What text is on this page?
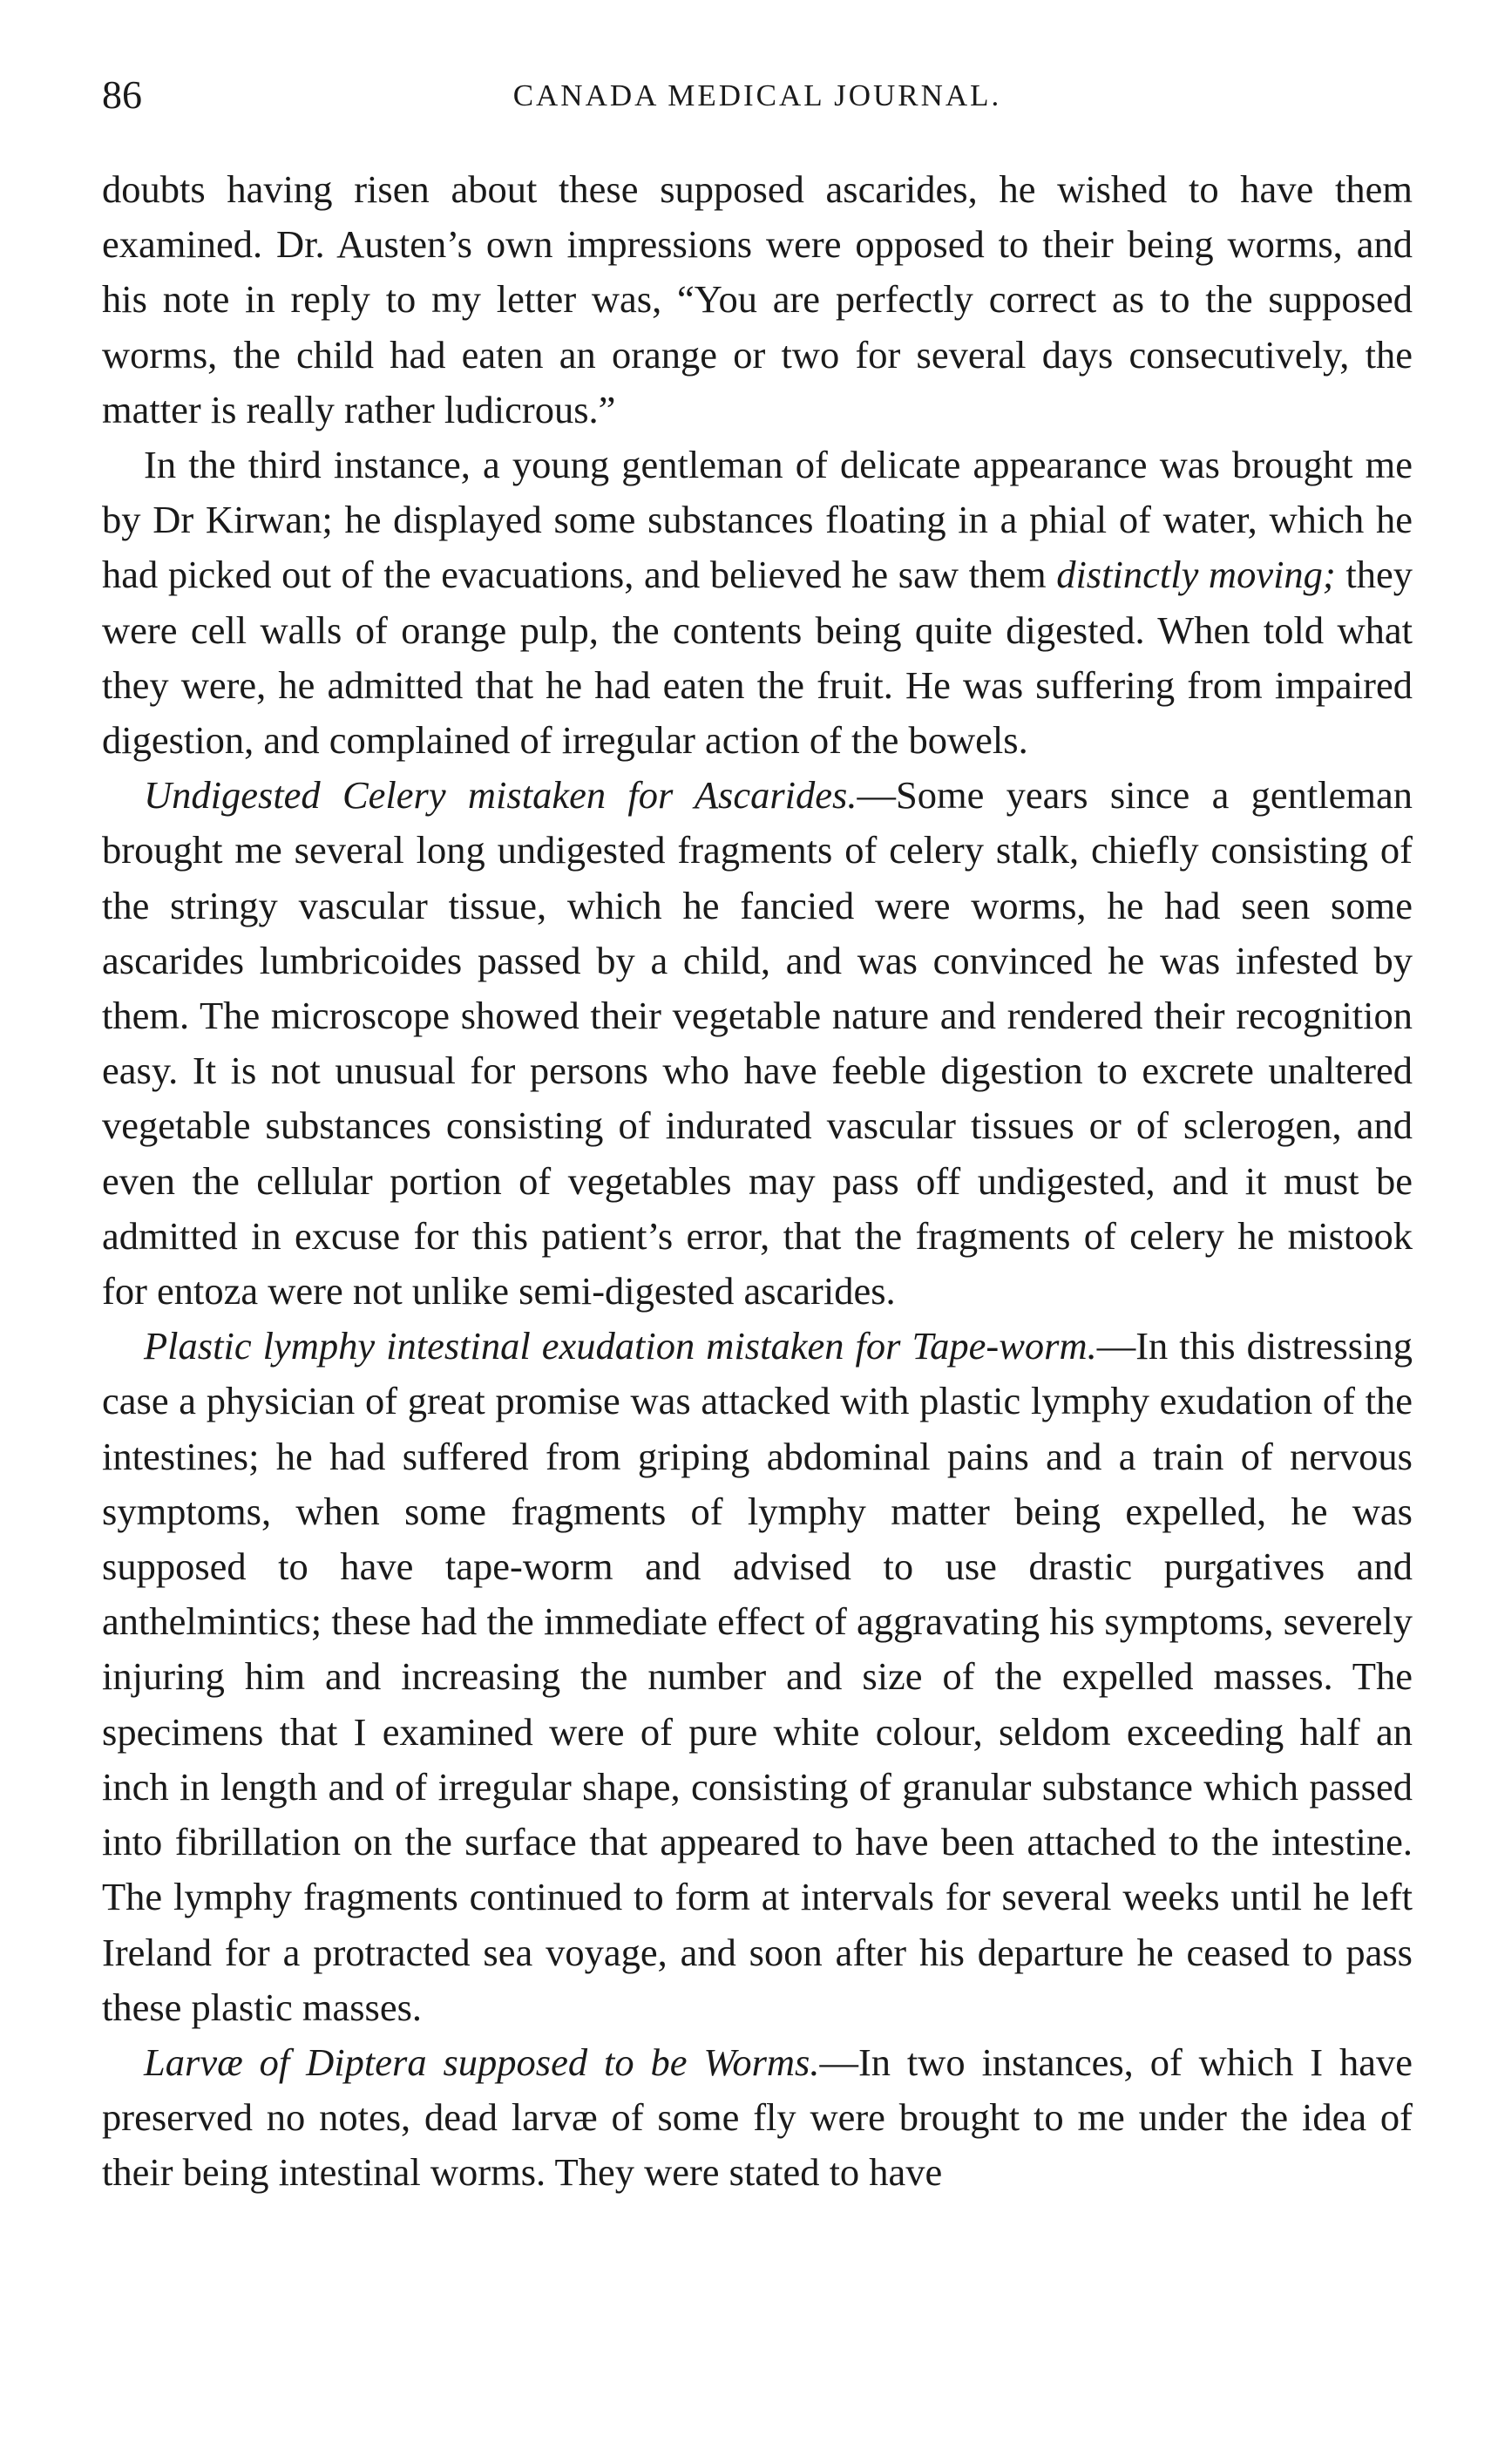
86	CANADA MEDICAL JOURNAL.

doubts having risen about these supposed ascarides, he wished to have them examined. Dr. Austen’s own impressions were opposed to their being worms, and his note in reply to my letter was, “You are perfectly correct as to the supposed worms, the child had eaten an orange or two for several days consecutively, the matter is really rather ludicrous.”

In the third instance, a young gentleman of delicate appearance was brought me by Dr Kirwan; he displayed some substances floating in a phial of water, which he had picked out of the evacuations, and believed he saw them distinctly moving; they were cell walls of orange pulp, the contents being quite digested. When told what they were, he admitted that he had eaten the fruit. He was suffering from impaired digestion, and complained of irregular action of the bowels.

Undigested Celery mistaken for Ascarides.—Some years since a gentleman brought me several long undigested fragments of celery stalk, chiefly consisting of the stringy vascular tissue, which he fancied were worms, he had seen some ascarides lumbricoides passed by a child, and was convinced he was infested by them. The microscope showed their vegetable nature and rendered their recognition easy. It is not unusual for persons who have feeble digestion to excrete unaltered vegetable substances consisting of indurated vascular tissues or of sclerogen, and even the cellular portion of vegetables may pass off undigested, and it must be admitted in excuse for this patient’s error, that the fragments of celery he mistook for entoza were not unlike semi-digested ascarides.

Plastic lymphy intestinal exudation mistaken for Tape-worm.—In this distressing case a physician of great promise was attacked with plastic lymphy exudation of the intestines; he had suffered from griping abdominal pains and a train of nervous symptoms, when some fragments of lymphy matter being expelled, he was supposed to have tape-worm and advised to use drastic purgatives and anthelmintics; these had the immediate effect of aggravating his symptoms, severely injuring him and increasing the number and size of the expelled masses. The specimens that I examined were of pure white colour, seldom exceeding half an inch in length and of irregular shape, consisting of granular substance which passed into fibrillation on the surface that appeared to have been attached to the intestine. The lymphy fragments continued to form at intervals for several weeks until he left Ireland for a protracted sea voyage, and soon after his departure he ceased to pass these plastic masses.

Larvæ of Diptera supposed to be Worms.—In two instances, of which I have preserved no notes, dead larvæ of some fly were brought to me under the idea of their being intestinal worms. They were stated to have
